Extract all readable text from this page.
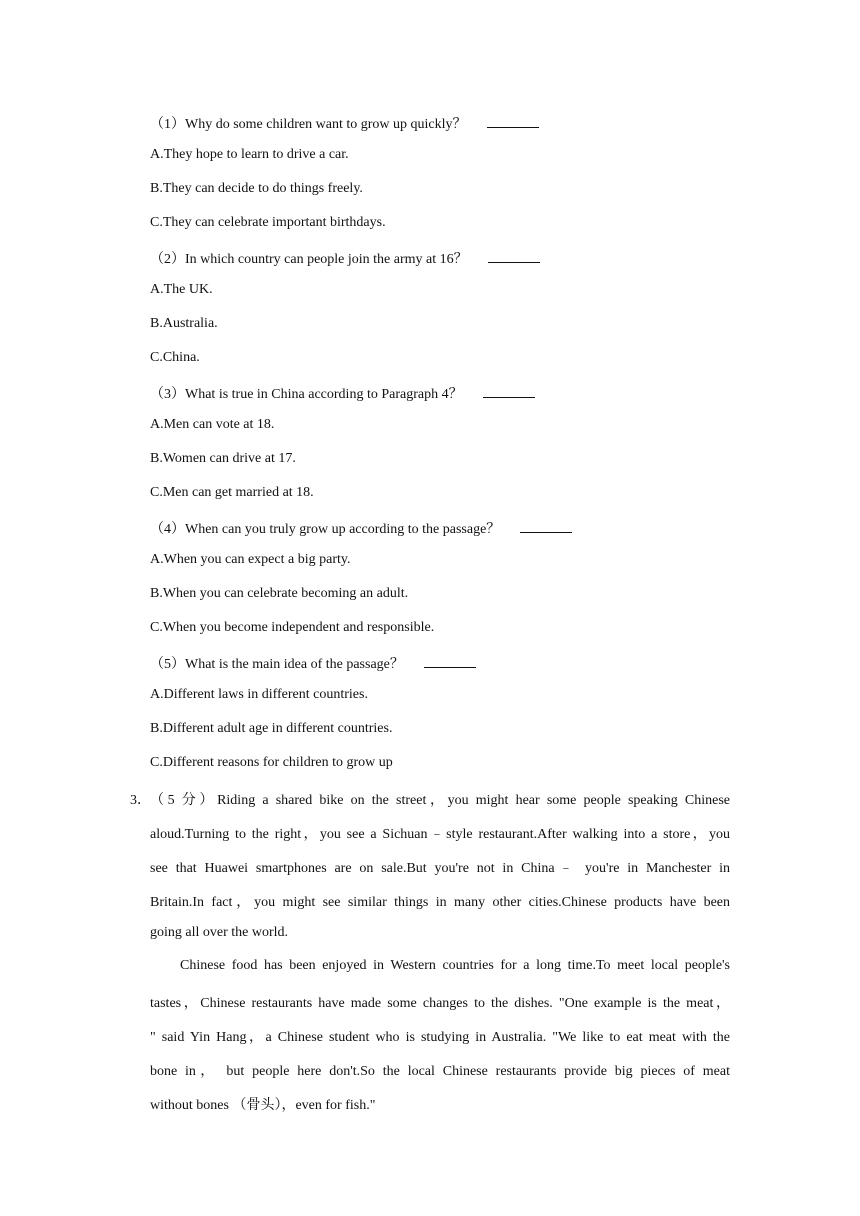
（1）Why do some children want to grow up quickly？
A.They hope to learn to drive a car.
B.They can decide to do things freely.
C.They can celebrate important birthdays.
（2）In which country can people join the army at 16？
A.The UK.
B.Australia.
C.China.
（3）What is true in China according to Paragraph 4？
A.Men can vote at 18.
B.Women can drive at 17.
C.Men can get married at 18.
（4）When can you truly grow up according to the passage？
A.When you can expect a big party.
B.When you can celebrate becoming an adult.
C.When you become independent and responsible.
（5）What is the main idea of the passage？
A.Different laws in different countries.
B.Different adult age in different countries.
C.Different reasons for children to grow up
3． （5 分）Riding a shared bike on the street，you might hear some people speaking Chinese
aloud.Turning to the right，you see a Sichuan﹣style restaurant.After walking into a store，you
see that Huawei smartphones are on sale.But you're not in China﹣ you're in Manchester in
Britain.In fact，you might see similar things in many other cities.Chinese products have been
going all over the world.
Chinese food has been enjoyed in Western countries for a long time.To meet local people's
tastes，Chinese restaurants have made some changes to the dishes. "One example is the meat，
" said Yin Hang，a Chinese student who is studying in Australia. "We like to eat meat with the
bone in， but people here don't.So the local Chinese restaurants provide big pieces of meat
without bones （骨头），even for fish."
